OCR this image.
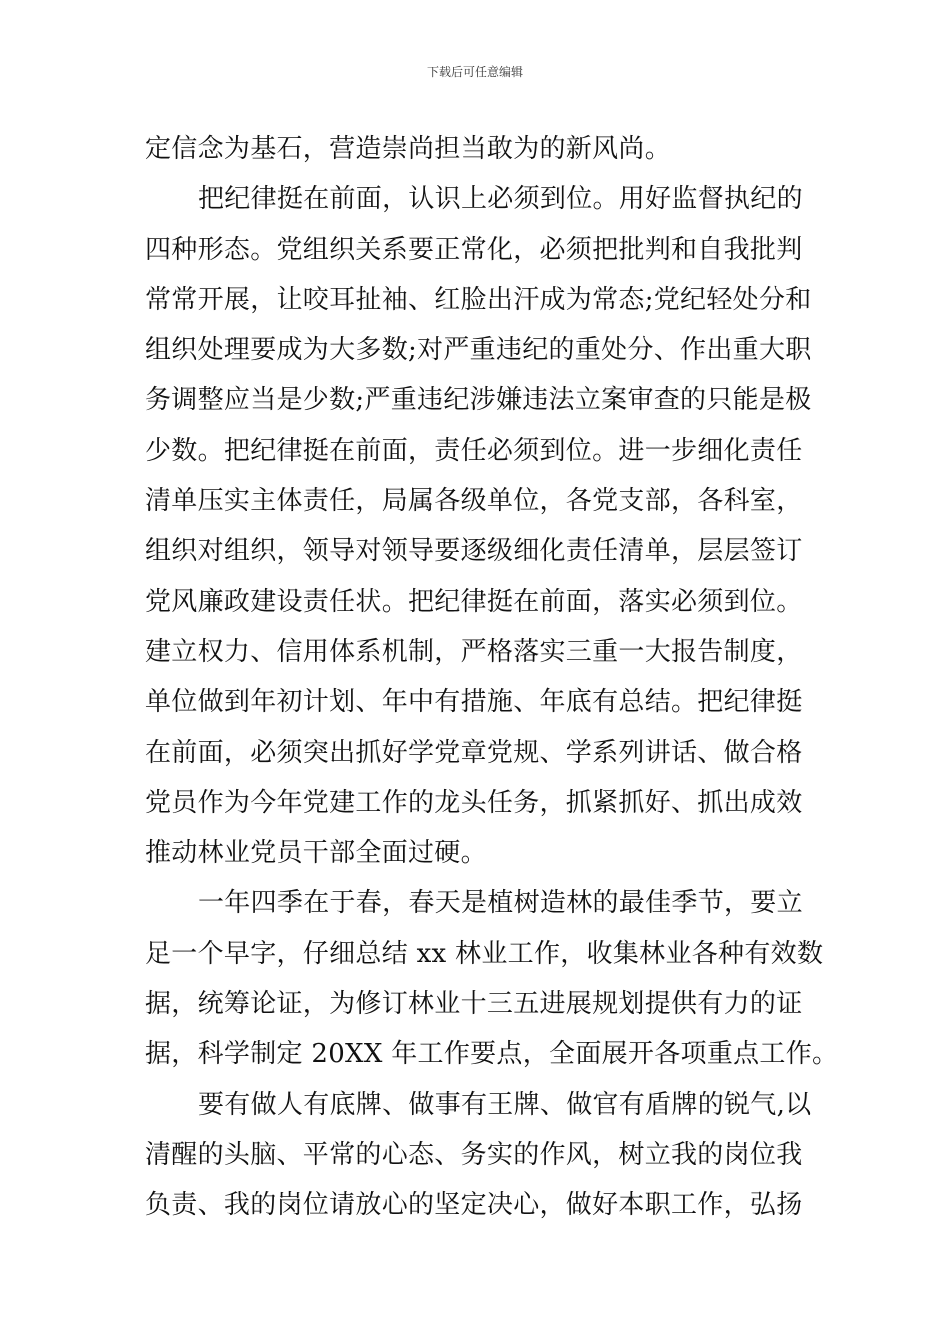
下载后可任意编辑
定信念为基石，营造崇尚担当敢为的新风尚。
把纪律挺在前面，认识上必须到位。用好监督执纪的
四种形态。党组织关系要正常化，必须把批判和自我批判
常常开展，让咬耳扯袖、红脸出汗成为常态;党纪轻处分和
组织处理要成为大多数;对严重违纪的重处分、作出重大职
务调整应当是少数;严重违纪涉嫌违法立案审查的只能是极
少数。把纪律挺在前面，责任必须到位。进一步细化责任
清单压实主体责任，局属各级单位，各党支部，各科室，
组织对组织，领导对领导要逐级细化责任清单，层层签订
党风廉政建设责任状。把纪律挺在前面，落实必须到位。
建立权力、信用体系机制，严格落实三重一大报告制度，
单位做到年初计划、年中有措施、年底有总结。把纪律挺
在前面，必须突出抓好学党章党规、学系列讲话、做合格
党员作为今年党建工作的龙头任务，抓紧抓好、抓出成效
推动林业党员干部全面过硬。
一年四季在于春，春天是植树造林的最佳季节，要立
足一个早字，仔细总结 xx 林业工作，收集林业各种有效数
据，统筹论证，为修订林业十三五进展规划提供有力的证
据，科学制定 20XX 年工作要点，全面展开各项重点工作。
要有做人有底牌、做事有王牌、做官有盾牌的锐气,以
清醒的头脑、平常的心态、务实的作风，树立我的岗位我
负责、我的岗位请放心的坚定决心，做好本职工作，弘扬
